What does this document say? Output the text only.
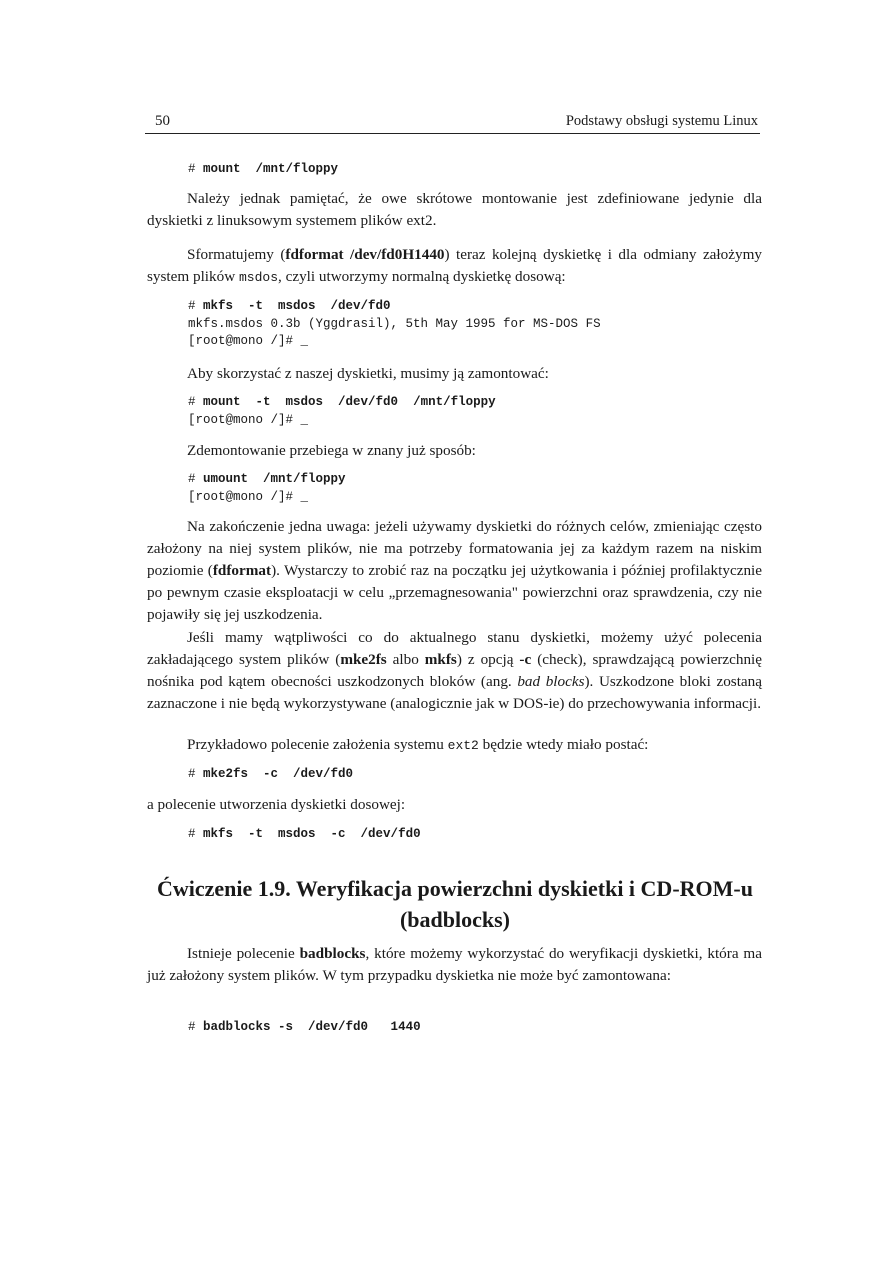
50	Podstawy obsługi systemu Linux
# mount  /mnt/floppy

Należy jednak pamiętać, że owe skrótowe montowanie jest zdefiniowane jedynie dla dyskietki z linuksowym systemem plików ext2.

Sformatujemy (fdformat /dev/fd0H1440) teraz kolejną dyskietkę i dla odmiany założymy system plików msdos, czyli utworzymy normalną dyskietkę dosową:

# mkfs  -t  msdos  /dev/fd0
mkfs.msdos 0.3b (Yggdrasil), 5th May 1995 for MS-DOS FS
[root@mono /]# _

Aby skorzystać z naszej dyskietki, musimy ją zamontować:

# mount  -t  msdos  /dev/fd0  /mnt/floppy
[root@mono /]# _

Zdemontowanie przebiega w znany już sposób:

# umount  /mnt/floppy
[root@mono /]# _

Na zakończenie jedna uwaga: jeżeli używamy dyskietki do różnych celów, zmieniając często założony na niej system plików, nie ma potrzeby formatowania jej za każdym razem na niskim poziomie (fdformat). Wystarczy to zrobić raz na początku jej użytkowania i później profilaktycznie po pewnym czasie eksploatacji w celu „przemagnesowania" powierzchni oraz sprawdzenia, czy nie pojawiły się jej uszkodzenia.

Jeśli mamy wątpliwości co do aktualnego stanu dyskietki, możemy użyć polecenia zakładającego system plików (mke2fs albo mkfs) z opcją -c (check), sprawdzającą powierzchnię nośnika pod kątem obecności uszkodzonych bloków (ang. bad blocks). Uszkodzone bloki zostaną zaznaczone i nie będą wykorzystywane (analogicznie jak w DOS-ie) do przechowywania informacji.

Przykładowo polecenie założenia systemu ext2 będzie wtedy miało postać:

# mke2fs  -c  /dev/fd0

a polecenie utworzenia dyskietki dosowej:

# mkfs  -t  msdos  -c  /dev/fd0
Ćwiczenie 1.9. Weryfikacja powierzchni dyskietki i CD-ROM-u
(badblocks)

Istnieje polecenie badblocks, które możemy wykorzystać do weryfikacji dyskietki, która ma już założony system plików. W tym przypadku dyskietka nie może być zamontowana:

# badblocks -s  /dev/fd0   1440
